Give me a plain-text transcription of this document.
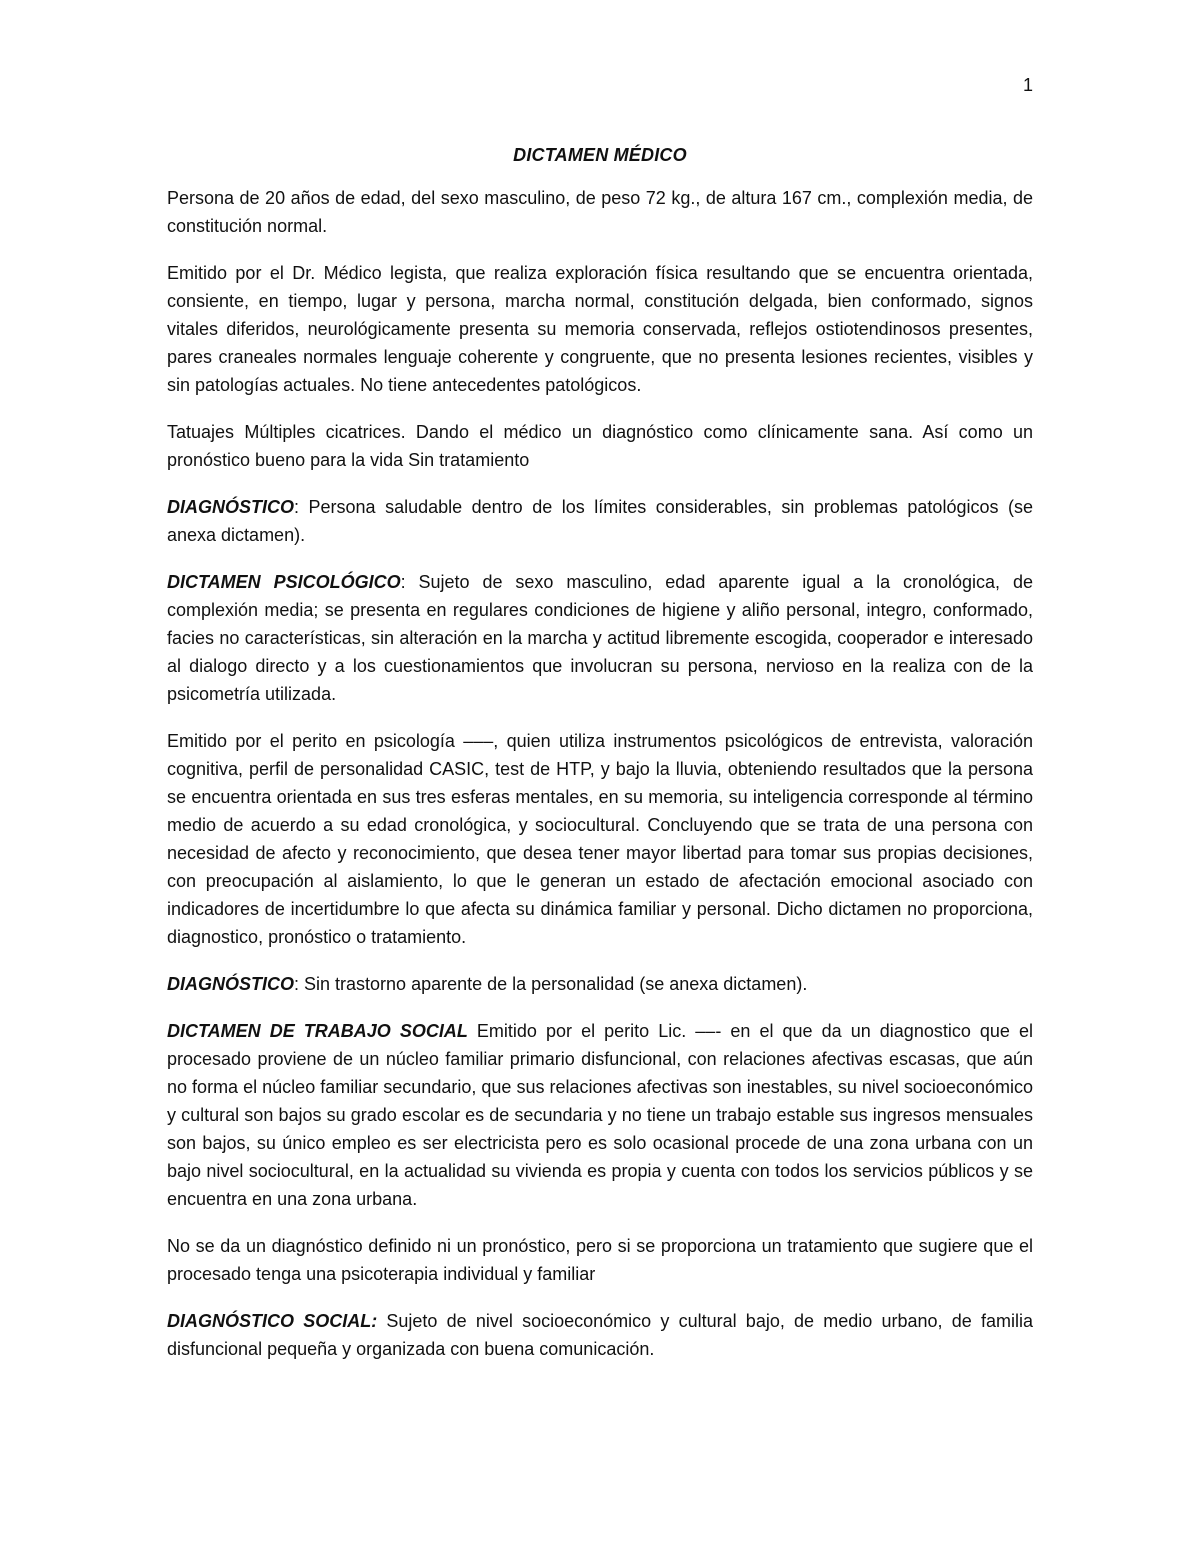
1
DICTAMEN MÉDICO

Persona de 20 años de edad, del sexo masculino, de peso 72 kg., de altura 167 cm., complexión media, de constitución normal.

Emitido por el Dr. Médico legista, que realiza exploración física resultando que se encuentra orientada, consiente, en tiempo, lugar y persona, marcha normal, constitución delgada, bien conformado, signos vitales diferidos, neurológicamente presenta su memoria conservada, reflejos ostiotendinosos presentes, pares craneales normales lenguaje coherente y congruente, que no presenta lesiones recientes, visibles y sin patologías actuales. No tiene antecedentes patológicos.

Tatuajes Múltiples cicatrices. Dando el médico un diagnóstico como clínicamente sana. Así como un pronóstico bueno para la vida Sin tratamiento

DIAGNÓSTICO: Persona saludable dentro de los límites considerables, sin problemas patológicos (se anexa dictamen).

DICTAMEN PSICOLÓGICO: Sujeto de sexo masculino, edad aparente igual a la cronológica, de complexión media; se presenta en regulares condiciones de higiene y aliño personal, integro, conformado, facies no características, sin alteración en la marcha y actitud libremente escogida, cooperador e interesado al dialogo directo y a los cuestionamientos que involucran su persona, nervioso en la realiza con de la psicometría utilizada.

Emitido por el perito en psicología –––, quien utiliza instrumentos psicológicos de entrevista, valoración cognitiva, perfil de personalidad CASIC, test de HTP, y bajo la lluvia, obteniendo resultados que la persona se encuentra orientada en sus tres esferas mentales, en su memoria, su inteligencia corresponde al término medio de acuerdo a su edad cronológica, y sociocultural. Concluyendo que se trata de una persona con necesidad de afecto y reconocimiento, que desea tener mayor libertad para tomar sus propias decisiones, con preocupación al aislamiento, lo que le generan un estado de afectación emocional asociado con indicadores de incertidumbre lo que afecta su dinámica familiar y personal. Dicho dictamen no proporciona, diagnostico, pronóstico o tratamiento.

DIAGNÓSTICO: Sin trastorno aparente de la personalidad (se anexa dictamen).

DICTAMEN DE TRABAJO SOCIAL Emitido por el perito Lic. ––- en el que da un diagnostico que el procesado proviene de un núcleo familiar primario disfuncional, con relaciones afectivas escasas, que aún no forma el núcleo familiar secundario, que sus relaciones afectivas son inestables, su nivel socioeconómico y cultural son bajos su grado escolar es de secundaria y no tiene un trabajo estable sus ingresos mensuales son bajos, su único empleo es ser electricista pero es solo ocasional procede de una zona urbana con un bajo nivel sociocultural, en la actualidad su vivienda es propia y cuenta con todos los servicios públicos y se encuentra en una zona urbana.

No se da un diagnóstico definido ni un pronóstico, pero si se proporciona un tratamiento que sugiere que el procesado tenga una psicoterapia individual y familiar

DIAGNÓSTICO SOCIAL: Sujeto de nivel socioeconómico y cultural bajo, de medio urbano, de familia disfuncional pequeña y organizada con buena comunicación.
